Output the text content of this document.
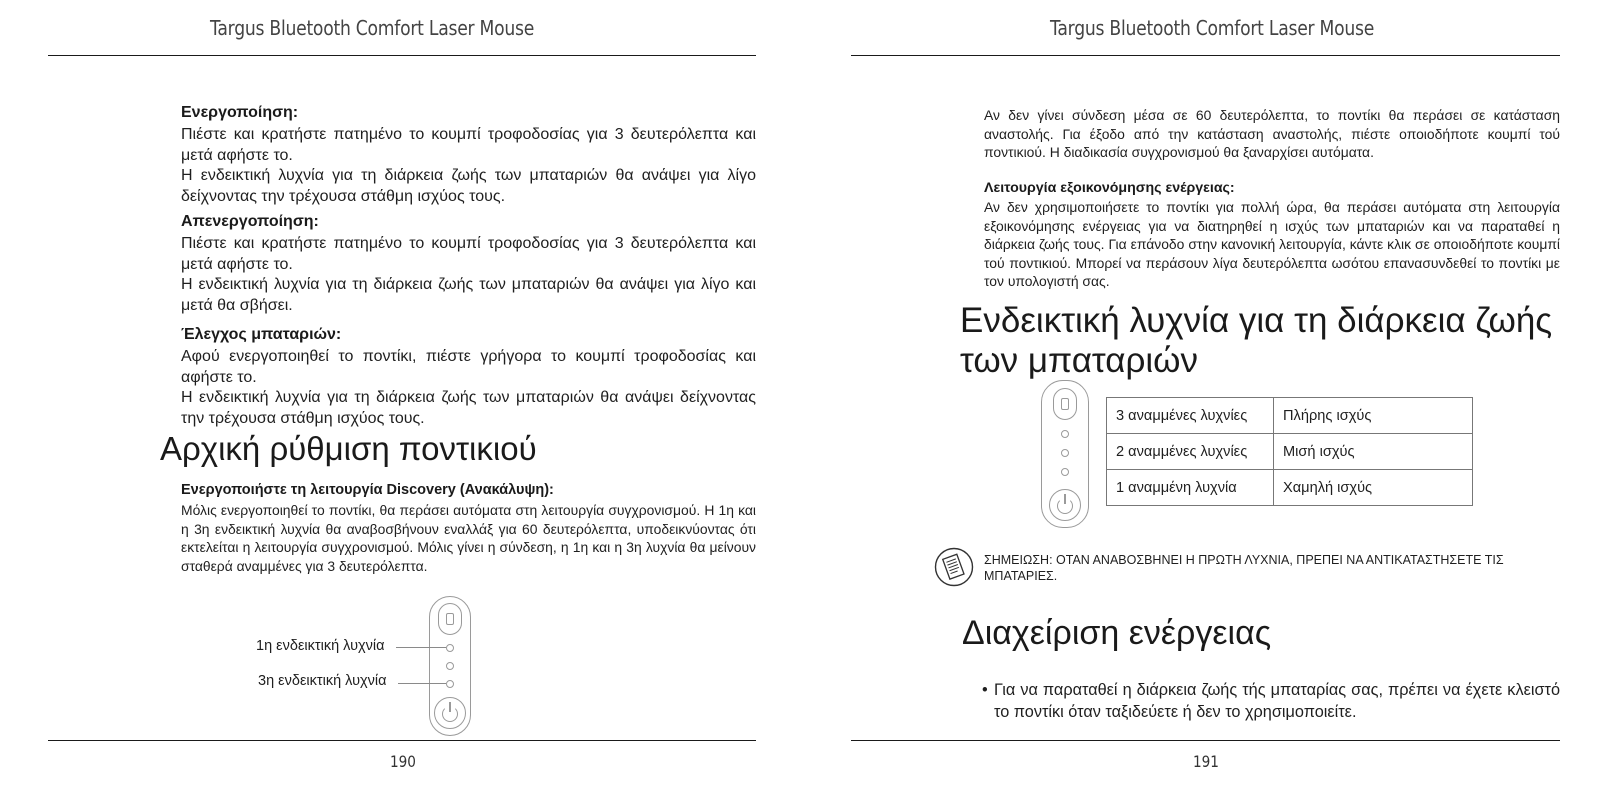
Targus Bluetooth Comfort Laser Mouse

Ενεργοποίηση:

Πιέστε και κρατήστε πατημένο το κουμπί τροφοδοσίας για 3 δευτερόλεπτα και μετά αφήστε το.

Η ενδεικτική λυχνία για τη διάρκεια ζωής των μπαταριών θα ανάψει για λίγο δείχνοντας την τρέχουσα στάθμη ισχύος τους.

Απενεργοποίηση:

Πιέστε και κρατήστε πατημένο το κουμπί τροφοδοσίας για 3 δευτερόλεπτα και μετά αφήστε το.

Η ενδεικτική λυχνία για τη διάρκεια ζωής των μπαταριών θα ανάψει για λίγο και μετά θα σβήσει.

Έλεγχος μπαταριών:

Αφού ενεργοποιηθεί το ποντίκι, πιέστε γρήγορα το κουμπί τροφοδοσίας και αφήστε το.

Η ενδεικτική λυχνία για τη διάρκεια ζωής των μπαταριών θα ανάψει δείχνοντας την τρέχουσα στάθμη ισχύος τους.

Αρχική ρύθμιση ποντικιού

Ενεργοποιήστε τη λειτουργία Discovery (Ανακάλυψη):

Μόλις ενεργοποιηθεί το ποντίκι, θα περάσει αυτόματα στη λειτουργία συγχρονισμού. Η 1η και η 3η ενδεικτική λυχνία θα αναβοσβήνουν εναλλάξ για 60 δευτερόλεπτα, υποδεικνύοντας ότι εκτελείται η λειτουργία συγχρονισμού. Μόλις γίνει η σύνδεση, η 1η και η 3η λυχνία θα μείνουν σταθερά αναμμένες για 3 δευτερόλεπτα.

1η ενδεικτική λυχνία
3η ενδεικτική λυχνία
190
Targus Bluetooth Comfort Laser Mouse

Αν δεν γίνει σύνδεση μέσα σε 60 δευτερόλεπτα, το ποντίκι θα περάσει σε κατάσταση αναστολής. Για έξοδο από την κατάσταση αναστολής, πιέστε οποιοδήποτε κουμπί τού ποντικιού. Η διαδικασία συγχρονισμού θα ξαναρχίσει αυτόματα.

Λειτουργία εξοικονόμησης ενέργειας:

Αν δεν χρησιμοποιήσετε το ποντίκι για πολλή ώρα, θα περάσει αυτόματα στη λειτουργία εξοικονόμησης ενέργειας για να διατηρηθεί η ισχύς των μπαταριών και να παραταθεί η διάρκεια ζωής τους. Για επάνοδο στην κανονική λειτουργία, κάντε κλικ σε οποιοδήποτε κουμπί τού ποντικιού. Μπορεί να περάσουν λίγα δευτερόλεπτα ωσότου επανασυνδεθεί το ποντίκι με τον υπολογιστή σας.

Ενδεικτική λυχνία για τη διάρκεια ζωής
των μπαταριών
3 αναμμένες λυχνίες	Πλήρης ισχύς
2 αναμμένες λυχνίες	Μισή ισχύς
1 αναμμένη λυχνία	Χαμηλή ισχύς
ΣΗΜΕΙΩΣΗ: ΟΤΑΝ ΑΝΑΒΟΣΒΗΝΕΙ Η ΠΡΩΤΗ ΛΥΧΝΙΑ, ΠΡΕΠΕΙ ΝΑ ΑΝΤΙΚΑΤΑΣΤΗΣΕΤΕ ΤΙΣ ΜΠΑΤΑΡΙΕΣ.
Διαχείριση ενέργειας
• Για να παραταθεί η διάρκεια ζωής τής μπαταρίας σας, πρέπει να έχετε κλειστό το ποντίκι όταν ταξιδεύετε ή δεν το χρησιμοποιείτε.
191
